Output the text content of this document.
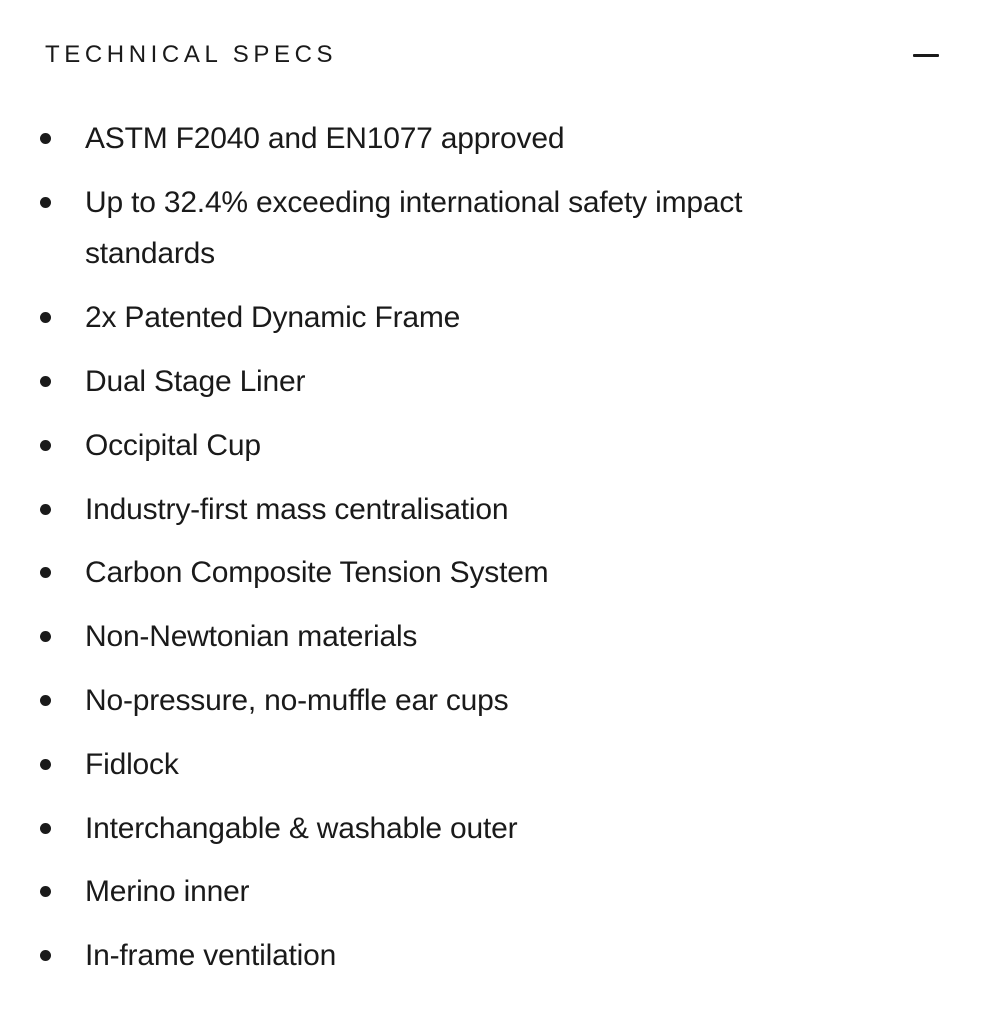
TECHNICAL SPECS
ASTM F2040 and EN1077 approved
Up to 32.4% exceeding international safety impact standards
2x Patented Dynamic Frame
Dual Stage Liner
Occipital Cup
Industry-first mass centralisation
Carbon Composite Tension System
Non-Newtonian materials
No-pressure, no-muffle ear cups
Fidlock
Interchangable & washable outer
Merino inner
In-frame ventilation
